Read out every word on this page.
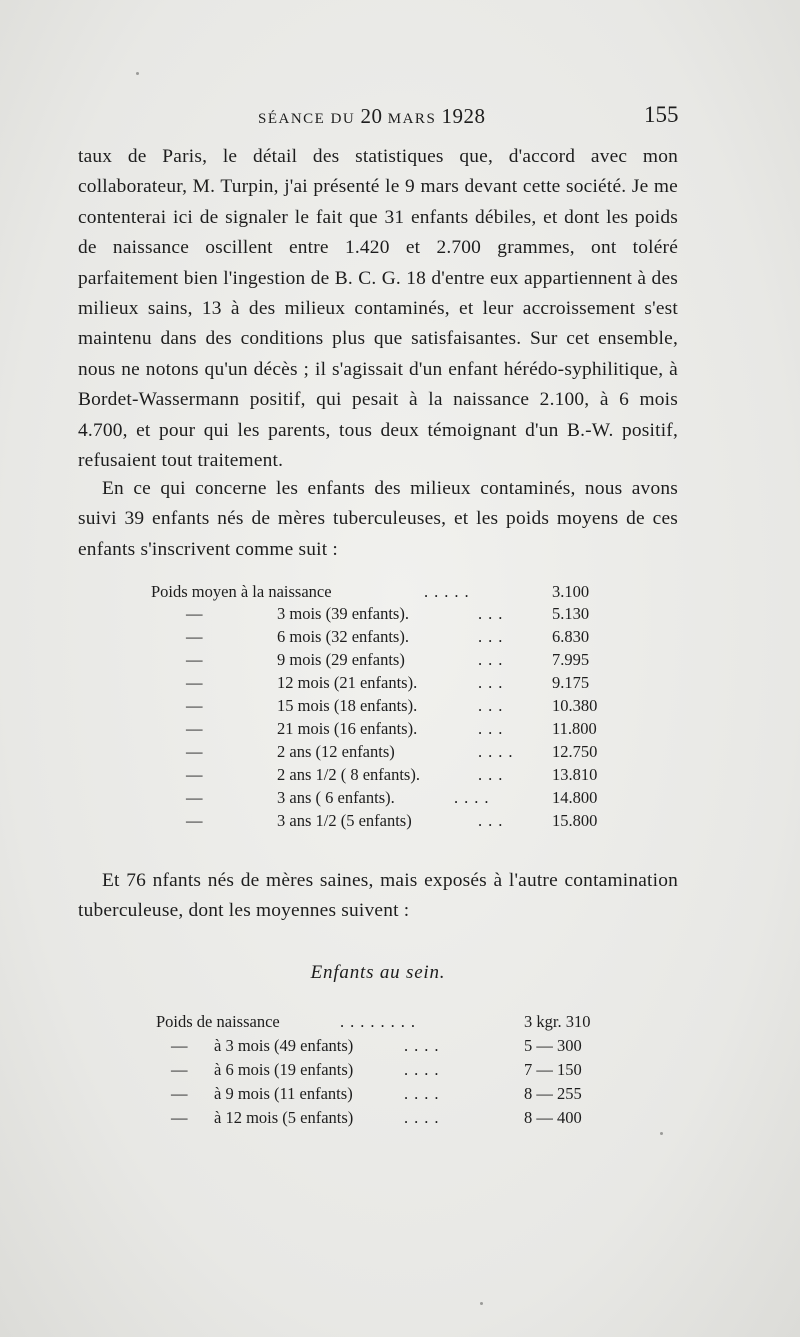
SÉANCE DU 20 MARS 1928	155

taux de Paris, le détail des statistiques que, d'accord avec mon collaborateur, M. Turpin, j'ai présenté le 9 mars devant cette société. Je me contenterai ici de signaler le fait que 31 enfants débiles, et dont les poids de naissance oscillent entre 1.420 et 2.700 grammes, ont toléré parfaitement bien l'ingestion de B. C. G. 18 d'entre eux appartiennent à des milieux sains, 13 à des milieux contaminés, et leur accroissement s'est maintenu dans des conditions plus que satisfaisantes. Sur cet ensemble, nous ne notons qu'un décès ; il s'agissait d'un enfant hérédo-syphilitique, à Bordet-Wassermann positif, qui pesait à la naissance 2.100, à 6 mois 4.700, et pour qui les parents, tous deux témoignant d'un B.-W. positif, refusaient tout traitement.

En ce qui concerne les enfants des milieux contaminés, nous avons suivi 39 enfants nés de mères tuberculeuses, et les poids moyens de ces enfants s'inscrivent comme suit :
Poids moyen à la naissance	.....	3.100
—	3 mois (39 enfants).	...	5.130
—	6 mois (32 enfants).	...	6.830
—	9 mois (29 enfants)	...	7.995
—	12 mois (21 enfants).	...	9.175
—	15 mois (18 enfants).	...	10.380
—	21 mois (16 enfants).	...	11.800
—	2 ans (12 enfants)	.... 12.750
—	2 ans 1/2 ( 8 enfants).	...	13.810
—	3 ans ( 6 enfants).	....	14.800
—	3 ans 1/2 (5 enfants)	...	15.800
Et 76 nfants nés de mères saines, mais exposés à l'autre contamination tuberculeuse, dont les moyennes suivent :
Enfants au sein.
Poids de naissance	........	3 kgr. 310
— à 3 mois (49 enfants)	....	5 — 300
— à 6 mois (19 enfants)	....	7 — 150
— à 9 mois (11 enfants)	....	8 — 255
— à 12 mois (5 enfants)	....	8 — 400
